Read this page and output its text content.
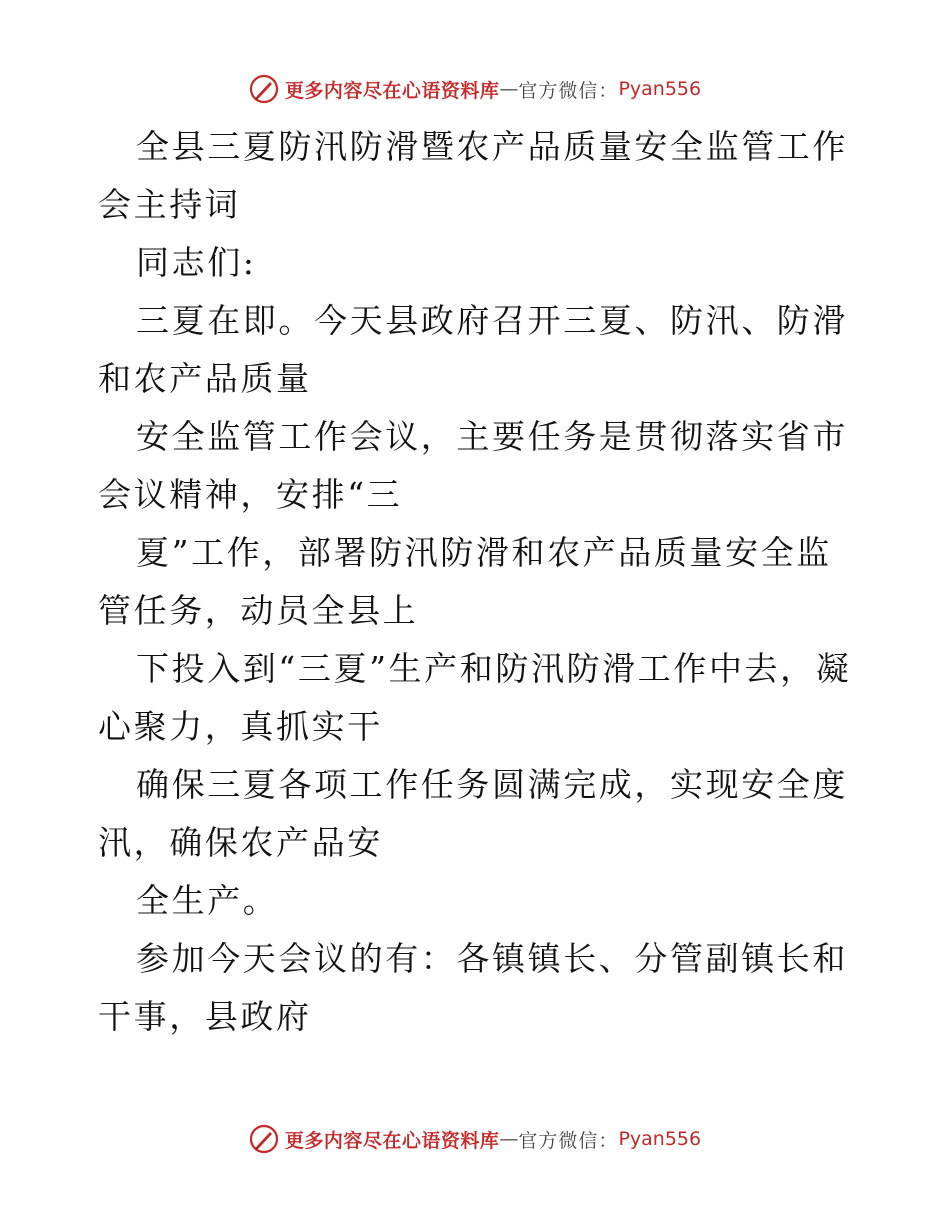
更多内容尽在心语资料库 — 官方微信： Pyan556

全县三夏防汛防滑暨农产品质量安全监管工作会主持词

同志们:

三夏在即。今天县政府召开三夏、防汛、防滑和农产品质量

安全监管工作会议，主要任务是贯彻落实省市会议精神，安排“三

夏”工作，部署防汛防滑和农产品质量安全监管任务，动员全县上

下投入到“三夏”生产和防汛防滑工作中去，凝心聚力，真抓实干

确保三夏各项工作任务圆满完成，实现安全度汛，确保农产品安

全生产。

参加今天会议的有：各镇镇长、分管副镇长和干事，县政府

更多内容尽在心语资料库 — 官方微信： Pyan556
